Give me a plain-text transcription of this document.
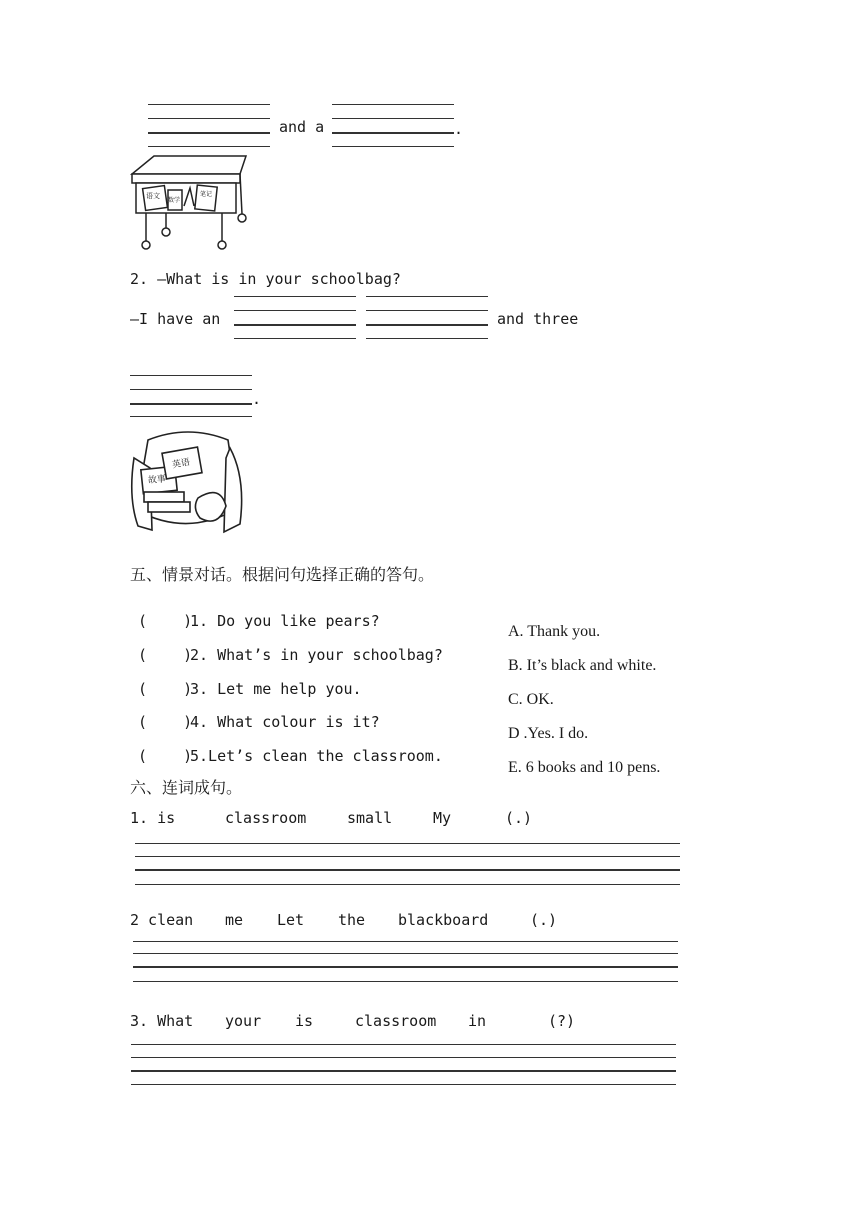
and a	.
语文
数学
笔记
2. —What is in your schoolbag?
—I have an	and three
.
英语
故事
五、情景对话。根据问句选择正确的答句。
(    )
1. Do you like pears?
(    )
2. What’s in your schoolbag?
(    )
3. Let me help you.
(    )
4. What colour is it?
(    )
5.Let’s clean the classroom.
A. Thank you.
B. It’s black and white.
C. OK.
D .Yes. I do.
E. 6 books and 10 pens.
六、连词成句。
1. is	classroom	small	My	(.)
2 clean me Let the blackboard	(.)
3. What your is	classroom in	(?)
